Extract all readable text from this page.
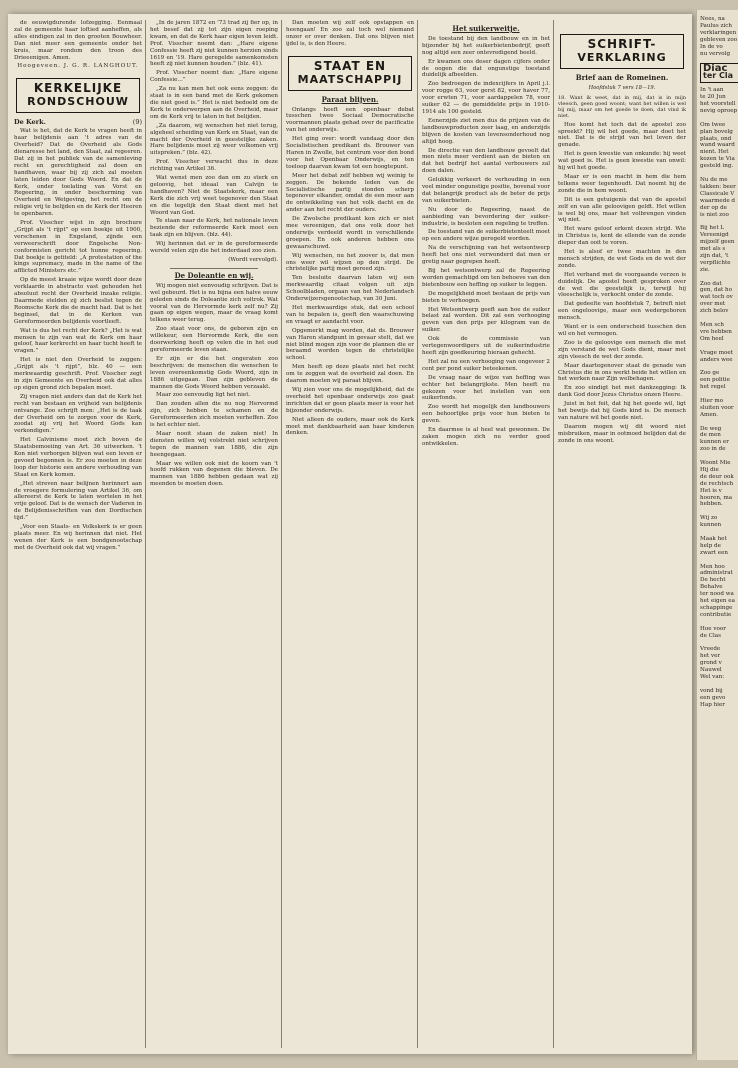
de eeuwigdurende lofzegging. Eenmaal zal de gemeente haar loftied aanheffen, als alles eindigen zal in den grooten Bouwheer. Dan niet meer een gemeente onder het kruis, maar rondom den troon des Drieeenigen. Amen.

Hoogeveen. J. G. R. LANGHOUT.
KERKELIJKE
RONDSCHOUW
De Kerk.	(9)

Wat is het, dat de Kerk te vragen heeft in haar belijdenis aan 't adres van de Overheid? Dat de Overheid als Gods dienaresse het land, den Staat, zal regeeren. Dat zij in het publiek van de samenleving recht en gerechtigheid zal doen en handhaven, waar bij zij zich zal moeten laten leiden door Gods Woord. En dat de Kerk, onder toelating van Vorst en Regeering, in onder bescherming van Overheid en Wetgeving, het recht om de religie vrij te belijden en de Kerk der Heeren te openbaren.

Prof. Visscher wijst in zijn brochure „Grijpt als 't rijpt” op een boekje uit 1900, verschenen in Engeland, zijnde een verweerschrift door Engelsche Non-conformisten gericht tot hunne regeering. Dat boekje is getiteld: „A protestation of the kings supremacy, made in the name of the afflicted Ministers etc.”

Op de meest kraaie wijze wordt door deze verklaarde in abstracto vast gehouden het absoluut recht der Overheid inzake religie. Daarmede stelden zij zich beslist tegen de Roomsche Kerk die de macht had. Dat is het beginsel, dat in de Kerken van Gereformeerden belijdenis voortleeft.

Wat is dus het recht der Kerk? „Het is wat mensen te zijn van wat de Kerk om haar geloof, haar kerkrecht en haar tucht heeft te vragen.”

Het is niet den Overheid te zeggen: „Grijpt als 't rijpt”, blz. 40 — een merkwaardig geschrift. Prof. Visscher zegt in zijn Gemeente en Overheid ook dat alles op eigen grond zich bepalen moet.

Zij vragen niet anders dan dat de Kerk het recht van bestaan en vrijheid van belijdenis ontvange. Zoo schrijft men: „Het is de taak der Overheid om te zorgen voor de Kerk, zoodat zij vrij het Woord Gods kan verkondigen.”

Het Calvinisme moet zich boven de Staatsbemoeiing van Art. 36 uitwerken. 't Kon niet verborgen blijven wat een leven er gevoed begonnen is. Er zou moeten in deze loop der historie een andere verhouding van Staat en Kerk komen.

„Het streven naar belijnen herinnert aan de vroegere formulering van Artikel 36, om allereerst de Kerk te laten wortelen in het vrije geloof. Dat is de wensch der Vaderen in de Belijdenisschriften van den Dordtschen tijd.”

„Voor een Staats- en Volkskerk is er geen plaats meer. En wij herinnen dat niet. Het wenen der Kerk is een bondgenootschap met de Overheid ook dat wij vragen.”

„In de jaren 1872 en '73 trad zij fier op, in het besef dat zij tot zijn eigen roeping kwam, en dat de Kerk haar eigen leven leidt. Prof. Visscher noemt dan: „Hare eigene Confessie heeft zij niet kunnen herzien sinds 1619 en '19. Hare geregelde samenkomsten heeft zij niet kunnen houden.” (blz. 41).

Prof. Visscher noemt dan: „Hare eigene Confessie...”

„Za nu kan men het ook eens zeggen: de staat is in een band met de Kerk gekomen die niet goed is.” Het is niet bedoeld om de Kerk te onderwerpen aan de Overheid, maar om de Kerk vrij te laten in het belijden.

„Za daarom, wij wenschen het niet terug, algeheel scheiding van Kerk en Staat, van de macht der Overheid in geestelijke zaken. Hare belijdenis moet zij weer volkomen vrij uitspreken.” (blz. 42).

Prof. Visscher verwacht dus in deze richting van Artikel 36.

Wat wenst men zoo dan om zu sterk en geloovig, het ideaal van Calvijn te handhaven? Niet de Staatskerk, maar een Kerk die zich vrij weet tegenover den Staat en die tegelijk den Staat dient met het Woord van God.

Te staan naar de Kerk, het nationale leven beziende der reformeerde Kerk moet een taak zijn en blijven. (blz. 44).

Wij herinnen dat er in de gereformeerde wereld velen zijn die het inderdaad zoo zien.

(Wordt vervolgd).
De Doleantie en wij.

Wij mogen niet eenvoudig schrijven. Dat is wel gebeurd. Het is nu bijna een halve eeuw geleden sinds de Doleantie zich voltrok. Wat vooral van de Hervormde kerk zelf nu? Zij gaan op eigen wegen, maar de vraag komt telkens weer terug.

Zoo staat voor ons, de geboren zijn en willekeur, een Hervormde Kerk, die een doorwerking heeft op velen die in het oud gereformeerde leven staan.

Er zijn er die het ongeraten zoo beschrijven: de menschen die wenschen te leven overeenkomstig Gods Woord, zijn in 1886 uitgegaan. Dan zijn gebleven de mannen die Gods Woord hebben verzaakt.

Maar zoo eenvoudig ligt het niet.

Dan zouden allen die nu nog Hervormd zijn, zich hebben te schamen en de Gereformeerden zich moeten verheffen. Zoo is het echter niet.

Maar nooit staan de zaken niet! In diensten willen wij volstrekt niet schrijven tegen de mannen van 1886, die zijn heengegaan.

Maar we willen ook niet de koorn van 't hoofd rukken van degenen die bleven. De mannen van 1886 hebben gedaan wat zij meenden te moeten doen.

Dan moeten wij zelf ook opstappen en heengaan! En zoo zal toch wel niemand onzer er over denken. Dat ons blijven niet ijdel is, is den Heere.

STAAT EN
MAATSCHAPPIJ
Paraat blijven.

Ontangs heeft een openbaar debat tusschen twee Sociaal Democratische voormannen plaats gehad over de pacificatie van het onderwijs.

Het ging over: wordt vandaag door den Socialistischen predikant ds. Brouwer van Haren in Zwolle, het centrum voor den bond voor het Openbaar Onderwijs, en ten toeloop daarvan kwam tot een hoogtepunt.

Meer het debat zelf hebben wij weinig te zeggen. De bekende leden van de Socialistische partij stonden scherp tegenover elkander, omdat de een meer aan de ontwikkeling van het volk dacht en de ander aan het recht der ouders.

De Zwolsche predikant kon zich er niet mee vereenigen, dat ons volk door het onderwijs verdeeld wordt in verschillende groepen. En ook anderen hebben ons gewaarschuwd.

Wij wenschen, nu het zoover is, dat men ons weer wil wijzen op den strijd. De christelijke partij moet gereed zijn.

Ten besluite daarvan laten wij een merkwaardig citaat volgen uit zijn Schoolbladen, orgaan van het Nederlandsch Onderwijzersgenootschap, van 30 Juni.

Het merkwaardige stuk, dat een school van te bepalen is, geeft den waarschuwing en vraagt er aandacht voor.

Opgemerkt mag worden, dat ds. Brouwer van Haren standpunt in gevaar stelt, dat we niet blind mogen zijn voor de plannen die er beraamd worden tegen de christelijke school.

Men heeft op deze plaats niet het recht om te zeggen wat de overheid zal doen. En daarom moeten wij paraat blijven.

Wij zien voor ons de mogelijkheid, dat de overheid het openbaar onderwijs zoo gaat inrichten dat er geen plaats meer is voor het bijzonder onderwijs.

Niet alleen de ouders, maar ook de Kerk moet met dankbaarheid aan haar kinderen denken.

Het suikerweitje.

De toestand bij den landbouw en in het bijzonder bij het suikerbietenbedrijf, geeft nog altijd een zeer ontevredigend beeld.

Er kwamen ons deser dagen cijfers onder de oogen die dat ongunstige toestand duidelijk afbeelden.

Zoo bedroegen de indexcijfers in April j.l. voor rogge 63, voor gerst 82, voor haver 77, voor erwten 71, voor aardappelen 78, voor suiker 62 — de gemiddelde prijs in 1910-1914 als 100 gesteld.

Eenerzijds ziet men dus de prijzen van de landbouwproducten zeer laag, en anderzijds blijven de kosten van levensonderhoud nog altijd hoog.

De directie van den landbouw gevoelt dat men niets meer verdient aan de bieten en dat het bedrijf het aantal verbouwers zal doen dalen.

Gelukkig verkeert de verhouding in een veel minder ongunstige positie, bovenal voor dat belangrijk product als de beter de prijs van suikerbieten.

Nu door de Regeering, naast de aanbieding van bevordering der suiker-industrie, is besloten een regeling te treffen.

De toestand van de suikerbietenteelt moet op een andere wijze geregeld worden.

Na de verschijning van het wetsontwerp heeft het ons niet verwonderd dat men er gretig naar gegrepen heeft.

Bij het wetsontwerp zal de Regeering worden gemachtigd om ten behoeve van den bietenbouw een heffing op suiker te leggen.

De mogelijkheid moet bestaan de prijs van bieten te verhoogen.

Het Wetsontwerp geeft aan hoe de suiker belast zal worden. Dit zal een verhooging geven van den prijs per kilogram van de suiker.

Ook de commissie van vertegenwoordigers uit de suikerindustrie heeft zijn goedkeuring hieraan gehecht.

Het zal nu een verhooging van ongeveer 2 cent per pond suiker beteekenen.

De vraag naar de wijze van heffing was echter het belangrijkste. Men heeft nu gekozen voor het instellen van een suikerfonds.

Zoo wordt het mogelijk den landbouwers een behoorlijke prijs voor hun bieten te geven.

En daarmee is al heel wat gewonnen. De zaken mogen zich nu verder goed ontwikkelen.

SCHRIFT-
VERKLARING
Brief aan de Romeinen.
Hoofdstuk 7 vers 18—19.

18. Want ik weet, dat in mij, dat is in mijn vleesch, geen goed woont; want het willen is wel bij mij, maar om het goede te doen, dat vind ik niet.

Hoe komt het toch dat de apostel zoo spreekt? Hij wil het goede, maar doet het niet. Dat is de strijd van het leven der genade.

Het is geen kwestie van onkunde: hij weet wat goed is. Het is geen kwestie van onwil: hij wil het goede.

Maar er is een macht in hem die hem telkens weer tegenhoudt. Dat noemt hij de zonde die in hem woont.

Dit is een getuigenis dat van de apostel zelf en van alle geloovigen geldt. Het willen is wel bij ons, maar het volbrengen vinden wij niet.

Het ware geloof erkent dezen strijd. Wie in Christus is, kent de ellende van de zonde dieper dan ooit te voren.

Het is alsof er twee machten in den mensch strijden, de wet Gods en de wet der zonde.

Het verband met de voorgaande verzen is duidelijk. De apostel heeft gesproken over de wet die geestelijk is, terwijl hij vleeschelijk is, verkocht onder de zonde.

Dat gedeelte van hoofdstuk 7, betreft niet een ongeloovige, maar een wedergeboren mensch.

Want er is een onderscheid tusschen den wil en het vermogen.

Zoo is de geloovige een mensch die met zijn verstand de wet Gods dient, maar met zijn vleesch de wet der zonde.

Maar daartegenover staat de genade van Christus die in ons werkt beide het willen en het werken naar Zijn welbehagen.

En zoo eindigt het met dankzegging: Ik dank God door Jezus Christus onzen Heere.

Juist in het feit, dat hij het goede wil, ligt het bewijs dat hij Gods kind is. De mensch van nature wil het goede niet.

Daarom mogen wij dit woord niet misbruiken, maar in ootmoed belijden dat de zonde in ons woont.

Nees, na
Paulus zich
verklaringen
gebleven zoo
In de vo
nu vervolg
Diac
ter Cla
In 't aan
te 20 Jun
het voorstell
nevig oproep
Om twee
plan bovelg
plaats, ond
wand waard
nient. Het
kozen te Via
gesteld ing.
Nu de me
takken: beer
Classicale V
waarmede d
der op de
is niet zoo
Bij het L
Vereenigd
mijzelf geen
met als s
zijn dat, 't
verpflichte
zie.
Zoo dat
gen, dat ho
wat toch ov
over met
zich belov
Men sch
vre hebben
Om heel
Vrage moet
anders wee
Zoo ge
een politie
het regel
Hier mo
sluiten voor
Amen.
De weg
de men
kunnen er
zoo in de
Woont Mie
Hij die
de deur ook
de rechtsch
Het is v
hooren, ma
hebben.
Wij zo
kunnen
Maak het
help de
zwart een
Men hoo
administrat
De hecht
Behalve
ter nood wa
het eigen ea
schappinge
contributie
Hoe voor
de Clas
Vreede
het ver
grond v
Nauwel
Wel van:
vond bij
een gevo
Hap hier
